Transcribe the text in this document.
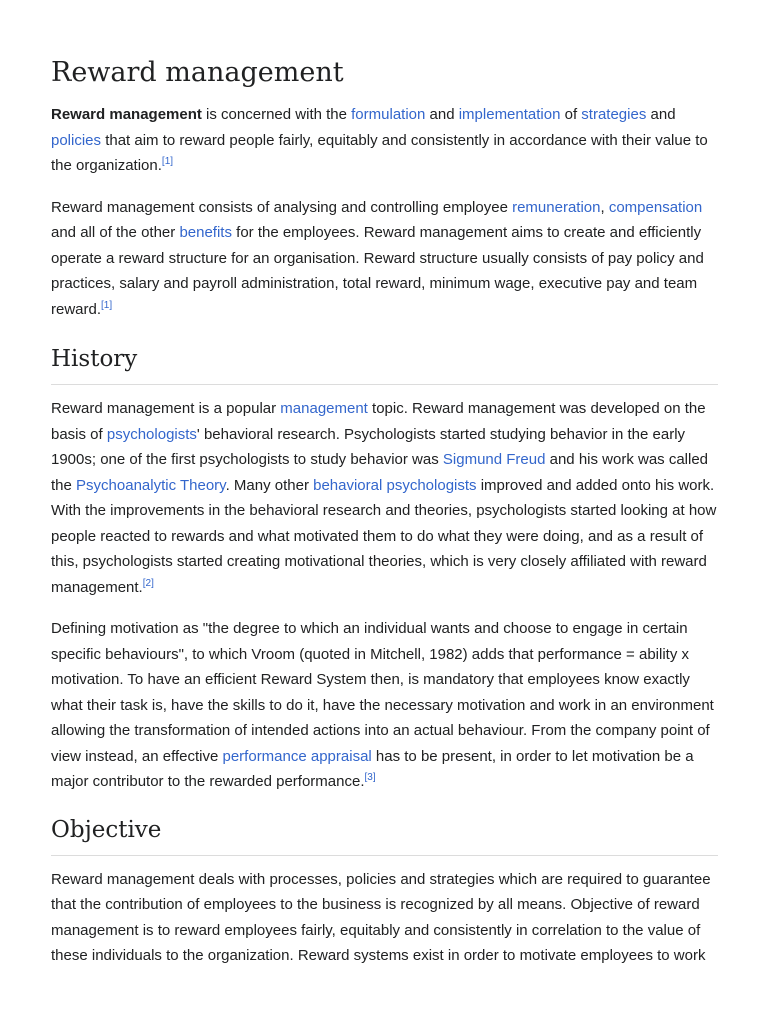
Reward management

Reward management is concerned with the formulation and implementation of strategies and policies that aim to reward people fairly, equitably and consistently in accordance with their value to the organization.[1]

Reward management consists of analysing and controlling employee remuneration, compensation and all of the other benefits for the employees. Reward management aims to create and efficiently operate a reward structure for an organisation. Reward structure usually consists of pay policy and practices, salary and payroll administration, total reward, minimum wage, executive pay and team reward.[1]

History

Reward management is a popular management topic. Reward management was developed on the basis of psychologists' behavioral research. Psychologists started studying behavior in the early 1900s; one of the first psychologists to study behavior was Sigmund Freud and his work was called the Psychoanalytic Theory. Many other behavioral psychologists improved and added onto his work. With the improvements in the behavioral research and theories, psychologists started looking at how people reacted to rewards and what motivated them to do what they were doing, and as a result of this, psychologists started creating motivational theories, which is very closely affiliated with reward management.[2]

Defining motivation as "the degree to which an individual wants and choose to engage in certain specific behaviours", to which Vroom (quoted in Mitchell, 1982) adds that performance = ability x motivation. To have an efficient Reward System then, is mandatory that employees know exactly what their task is, have the skills to do it, have the necessary motivation and work in an environment allowing the transformation of intended actions into an actual behaviour. From the company point of view instead, an effective performance appraisal has to be present, in order to let motivation be a major contributor to the rewarded performance.[3]

Objective

Reward management deals with processes, policies and strategies which are required to guarantee that the contribution of employees to the business is recognized by all means. Objective of reward management is to reward employees fairly, equitably and consistently in correlation to the value of these individuals to the organization. Reward systems exist in order to motivate employees to work
